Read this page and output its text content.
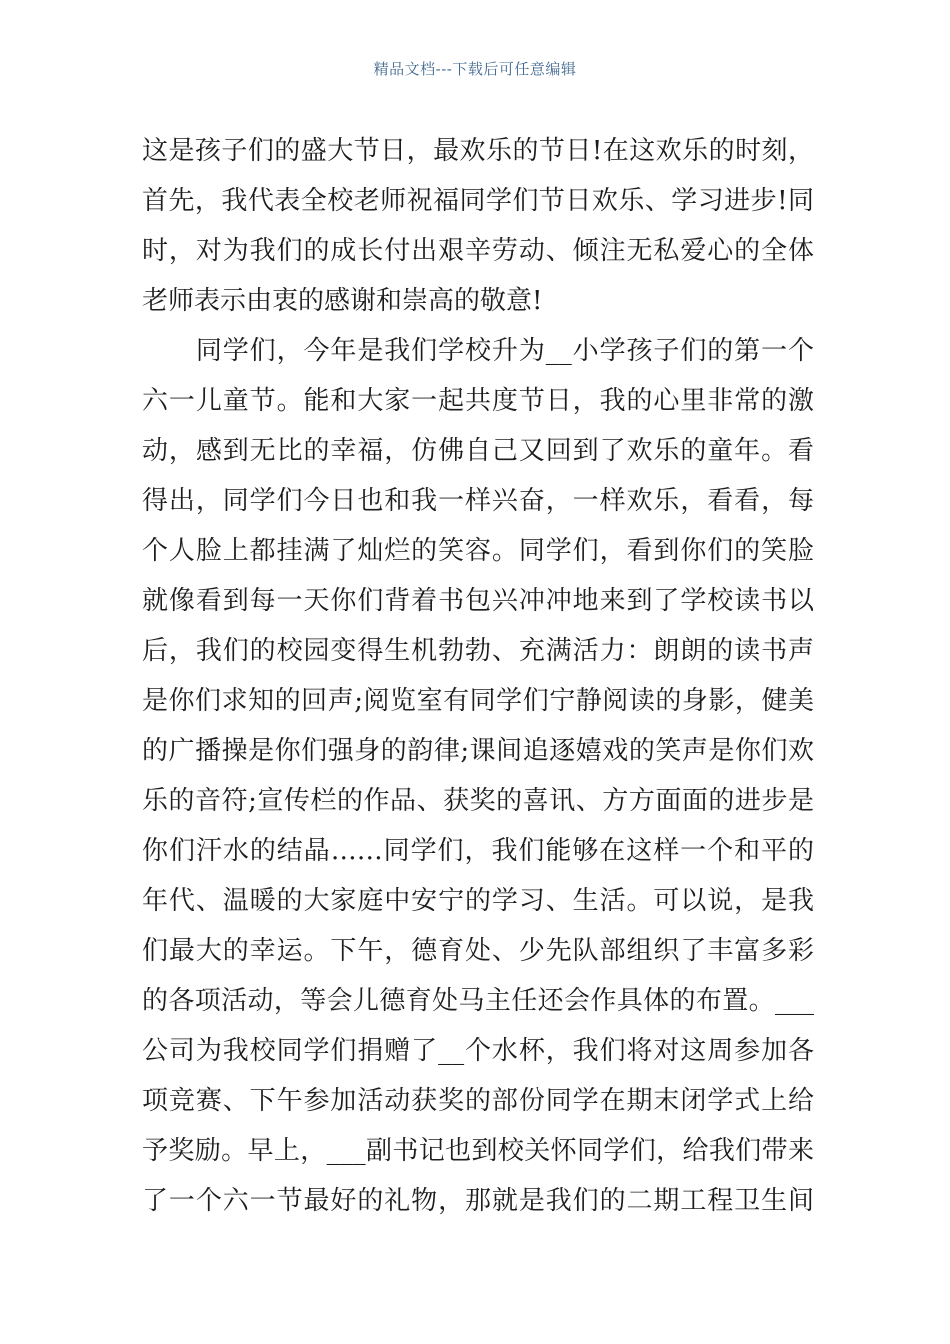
精品文档---下载后可任意编辑
这是孩子们的盛大节日，最欢乐的节日!在这欢乐的时刻，
首先，我代表全校老师祝福同学们节日欢乐、学习进步!同
时，对为我们的成长付出艰辛劳动、倾注无私爱心的全体
老师表示由衷的感谢和崇高的敬意!
　　同学们，今年是我们学校升为__小学孩子们的第一个
六一儿童节。能和大家一起共度节日，我的心里非常的激
动，感到无比的幸福，仿佛自己又回到了欢乐的童年。看
得出，同学们今日也和我一样兴奋，一样欢乐，看看，每
个人脸上都挂满了灿烂的笑容。同学们，看到你们的笑脸
就像看到每一天你们背着书包兴冲冲地来到了学校读书以
后，我们的校园变得生机勃勃、充满活力：朗朗的读书声
是你们求知的回声;阅览室有同学们宁静阅读的身影，健美
的广播操是你们强身的韵律;课间追逐嬉戏的笑声是你们欢
乐的音符;宣传栏的作品、获奖的喜讯、方方面面的进步是
你们汗水的结晶……同学们，我们能够在这样一个和平的
年代、温暖的大家庭中安宁的学习、生活。可以说，是我
们最大的幸运。下午，德育处、少先队部组织了丰富多彩
的各项活动，等会儿德育处马主任还会作具体的布置。___
公司为我校同学们捐赠了__个水杯，我们将对这周参加各
项竞赛、下午参加活动获奖的部份同学在期末闭学式上给
予奖励。早上，___副书记也到校关怀同学们，给我们带来
了一个六一节最好的礼物，那就是我们的二期工程卫生间
